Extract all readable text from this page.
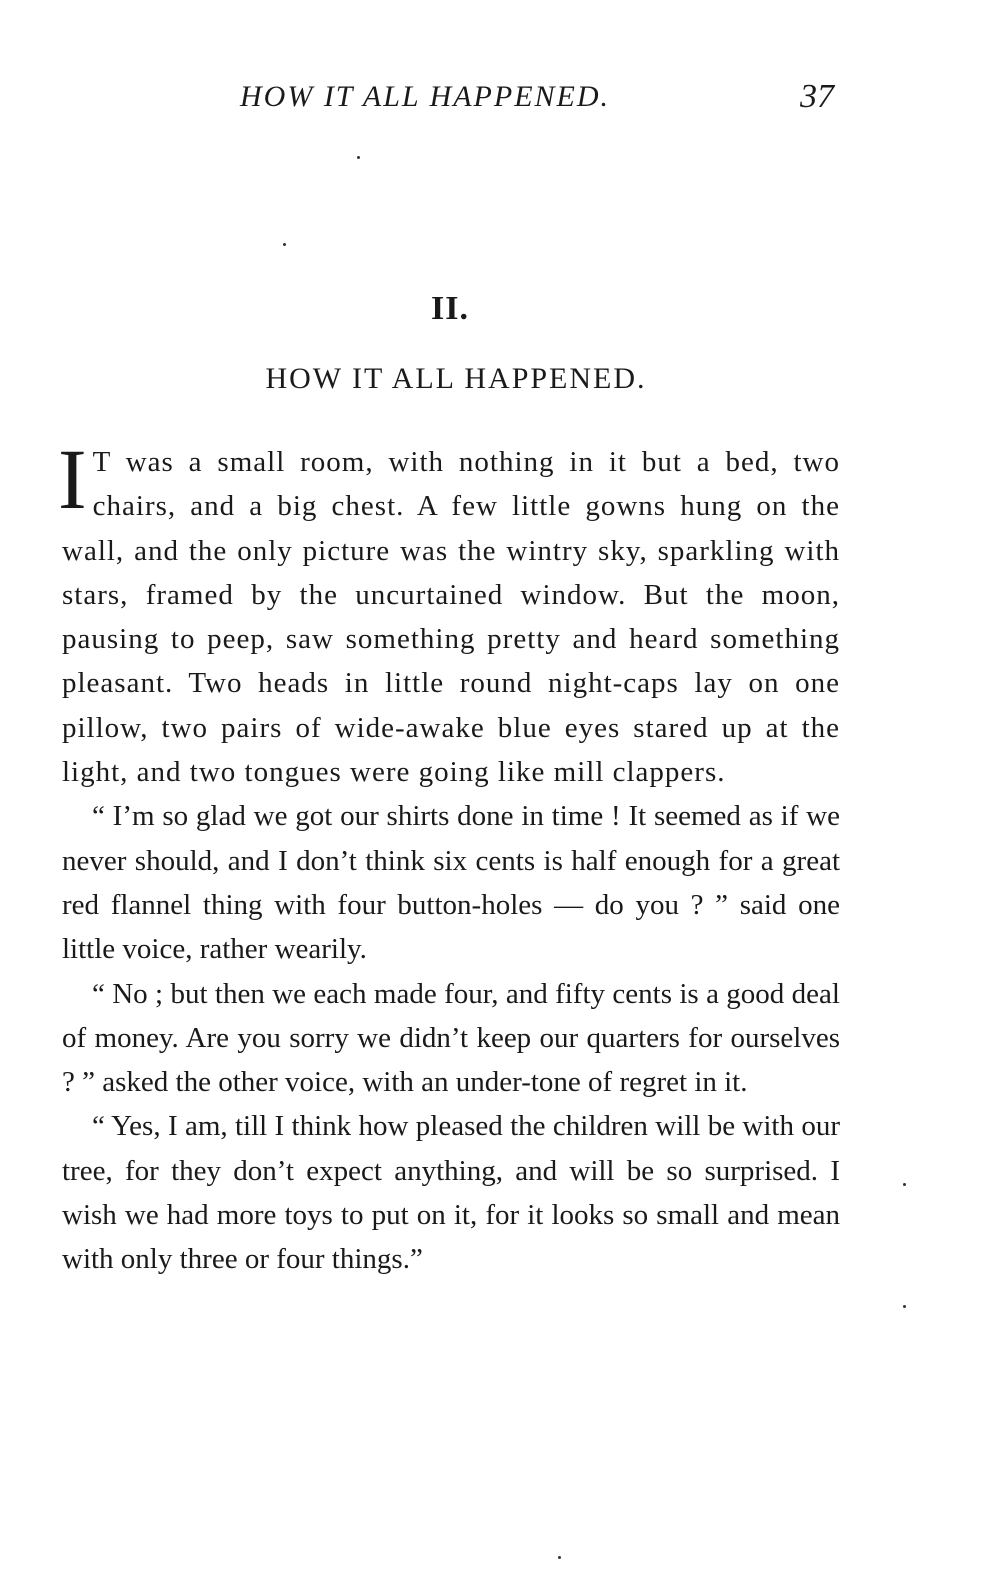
HOW IT ALL HAPPENED.	37
II.
HOW IT ALL HAPPENED.

I T was a small room, with nothing in it but a bed, two chairs, and a big chest. A few little gowns hung on the wall, and the only picture was the wintry sky, sparkling with stars, framed by the uncurtained window. But the moon, pausing to peep, saw something pretty and heard something pleasant. Two heads in little round night-caps lay on one pillow, two pairs of wide-awake blue eyes stared up at the light, and two tongues were going like mill clappers.

“ I’m so glad we got our shirts done in time ! It seemed as if we never should, and I don’t think six cents is half enough for a great red flannel thing with four button-holes — do you ? ” said one little voice, rather wearily.

“ No ; but then we each made four, and fifty cents is a good deal of money. Are you sorry we didn’t keep our quarters for ourselves ? ” asked the other voice, with an under-tone of regret in it.

“ Yes, I am, till I think how pleased the children will be with our tree, for they don’t expect anything, and will be so surprised. I wish we had more toys to put on it, for it looks so small and mean with only three or four things.”
